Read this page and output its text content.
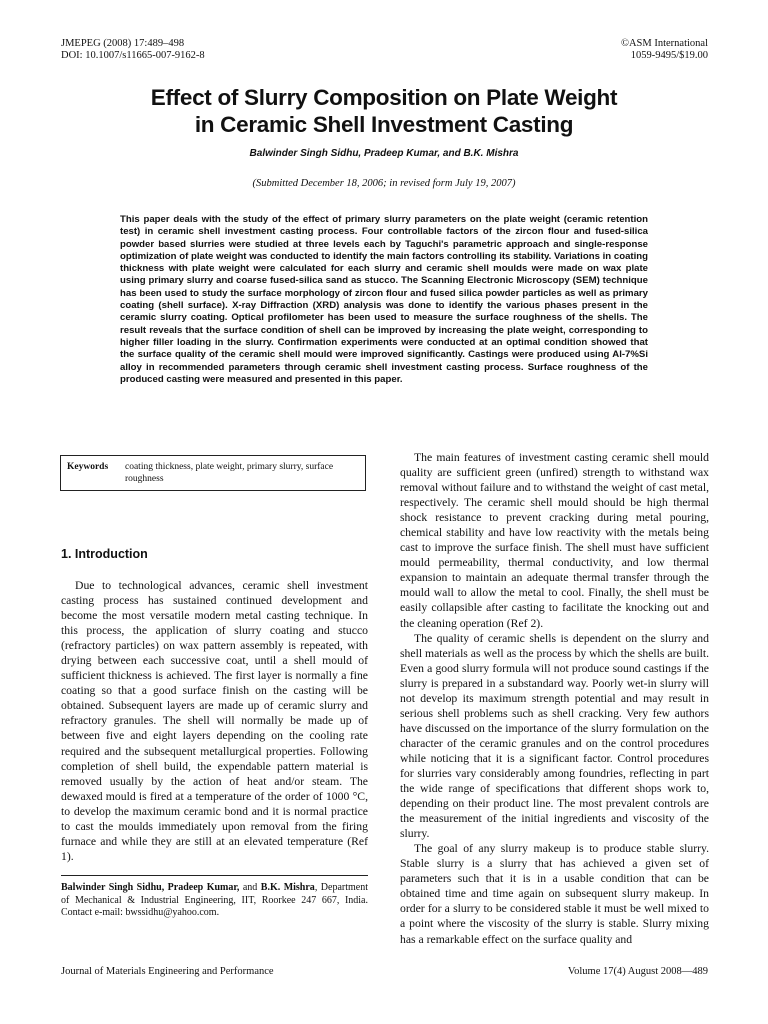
JMEPEG (2008) 17:489–498
DOI: 10.1007/s11665-007-9162-8
©ASM International
1059-9495/$19.00
Effect of Slurry Composition on Plate Weight
in Ceramic Shell Investment Casting
Balwinder Singh Sidhu, Pradeep Kumar, and B.K. Mishra
(Submitted December 18, 2006; in revised form July 19, 2007)
This paper deals with the study of the effect of primary slurry parameters on the plate weight (ceramic retention test) in ceramic shell investment casting process. Four controllable factors of the zircon flour and fused-silica powder based slurries were studied at three levels each by Taguchi's parametric approach and single-response optimization of plate weight was conducted to identify the main factors controlling its stability. Variations in coating thickness with plate weight were calculated for each slurry and ceramic shell moulds were made on wax plate using primary slurry and coarse fused-silica sand as stucco. The Scanning Electronic Microscopy (SEM) technique has been used to study the surface morphology of zircon flour and fused silica powder particles as well as primary coating (shell surface). X-ray Diffraction (XRD) analysis was done to identify the various phases present in the ceramic slurry coating. Optical profilometer has been used to measure the surface roughness of the shells. The result reveals that the surface condition of shell can be improved by increasing the plate weight, corresponding to higher filler loading in the slurry. Confirmation experiments were conducted at an optimal condition showed that the surface quality of the ceramic shell mould were improved significantly. Castings were produced using Al-7%Si alloy in recommended parameters through ceramic shell investment casting process. Surface roughness of the produced casting were measured and presented in this paper.
Keywords	coating thickness, plate weight, primary slurry, surface roughness
1. Introduction

Due to technological advances, ceramic shell investment casting process has sustained continued development and become the most versatile modern metal casting technique. In this process, the application of slurry coating and stucco (refractory particles) on wax pattern assembly is repeated, with drying between each successive coat, until a shell mould of sufficient thickness is achieved. The first layer is normally a fine coating so that a good surface finish on the casting will be obtained. Subsequent layers are made up of ceramic slurry and refractory granules. The shell will normally be made up of between five and eight layers depending on the cooling rate required and the subsequent metallurgical properties. Following completion of shell build, the expendable pattern material is removed usually by the action of heat and/or steam. The dewaxed mould is fired at a temperature of the order of 1000 °C, to develop the maximum ceramic bond and it is normal practice to cast the moulds immediately upon removal from the firing furnace and while they are still at an elevated temperature (Ref 1).

Balwinder Singh Sidhu, Pradeep Kumar, and B.K. Mishra, Department of Mechanical & Industrial Engineering, IIT, Roorkee 247 667, India. Contact e-mail: bwssidhu@yahoo.com.

The main features of investment casting ceramic shell mould quality are sufficient green (unfired) strength to withstand wax removal without failure and to withstand the weight of cast metal, respectively. The ceramic shell mould should be high thermal shock resistance to prevent cracking during metal pouring, chemical stability and have low reactivity with the metals being cast to improve the surface finish. The shell must have sufficient mould permeability, thermal conductivity, and low thermal expansion to maintain an adequate thermal transfer through the mould wall to allow the metal to cool. Finally, the shell must be easily collapsible after casting to facilitate the knocking out and the cleaning operation (Ref 2).

The quality of ceramic shells is dependent on the slurry and shell materials as well as the process by which the shells are built. Even a good slurry formula will not produce sound castings if the slurry is prepared in a substandard way. Poorly wet-in slurry will not develop its maximum strength potential and may result in serious shell problems such as shell cracking. Very few authors have discussed on the importance of the slurry formulation on the character of the ceramic granules and on the control procedures while noticing that it is a significant factor. Control procedures for slurries vary considerably among foundries, reflecting in part the wide range of specifications that different shops work to, depending on their product line. The most prevalent controls are the measurement of the initial ingredients and viscosity of the slurry.

The goal of any slurry makeup is to produce stable slurry. Stable slurry is a slurry that has achieved a given set of parameters such that it is in a usable condition that can be obtained time and time again on subsequent slurry makeup. In order for a slurry to be considered stable it must be well mixed to a point where the viscosity of the slurry is stable. Slurry mixing has a remarkable effect on the surface quality and

Journal of Materials Engineering and Performance	Volume 17(4) August 2008—489
